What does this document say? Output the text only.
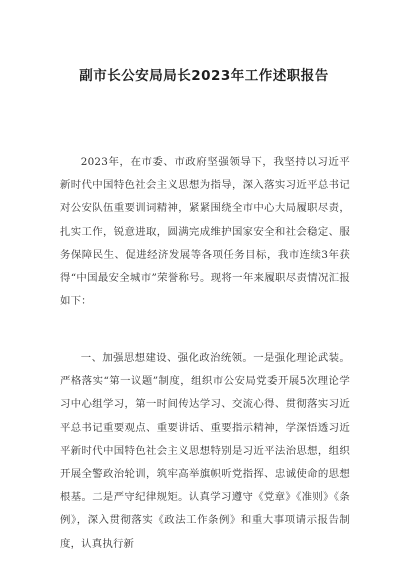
副市长公安局局长2023年工作述职报告

2023年，在市委、市政府坚强领导下，我坚持以习近平新时代中国特色社会主义思想为指导，深入落实习近平总书记对公安队伍重要训词精神，紧紧围绕全市中心大局履职尽责，扎实工作，锐意进取，圆满完成维护国家安全和社会稳定、服务保障民生、促进经济发展等各项任务目标，我市连续3年获得“中国最安全城市”荣誉称号。现将一年来履职尽责情况汇报如下：

一、加强思想建设、强化政治统领。一是强化理论武装。严格落实“第一议题”制度，组织市公安局党委开展5次理论学习中心组学习，第一时间传达学习、交流心得、贯彻落实习近平总书记重要观点、重要讲话、重要指示精神，学深悟透习近平新时代中国特色社会主义思想特别是习近平法治思想，组织开展全警政治轮训，筑牢高举旗帜听党指挥、忠诚使命的思想根基。二是严守纪律规矩。认真学习遵守《党章》《准则》《条例》，深入贯彻落实《政法工作条例》和重大事项请示报告制度，认真执行新
